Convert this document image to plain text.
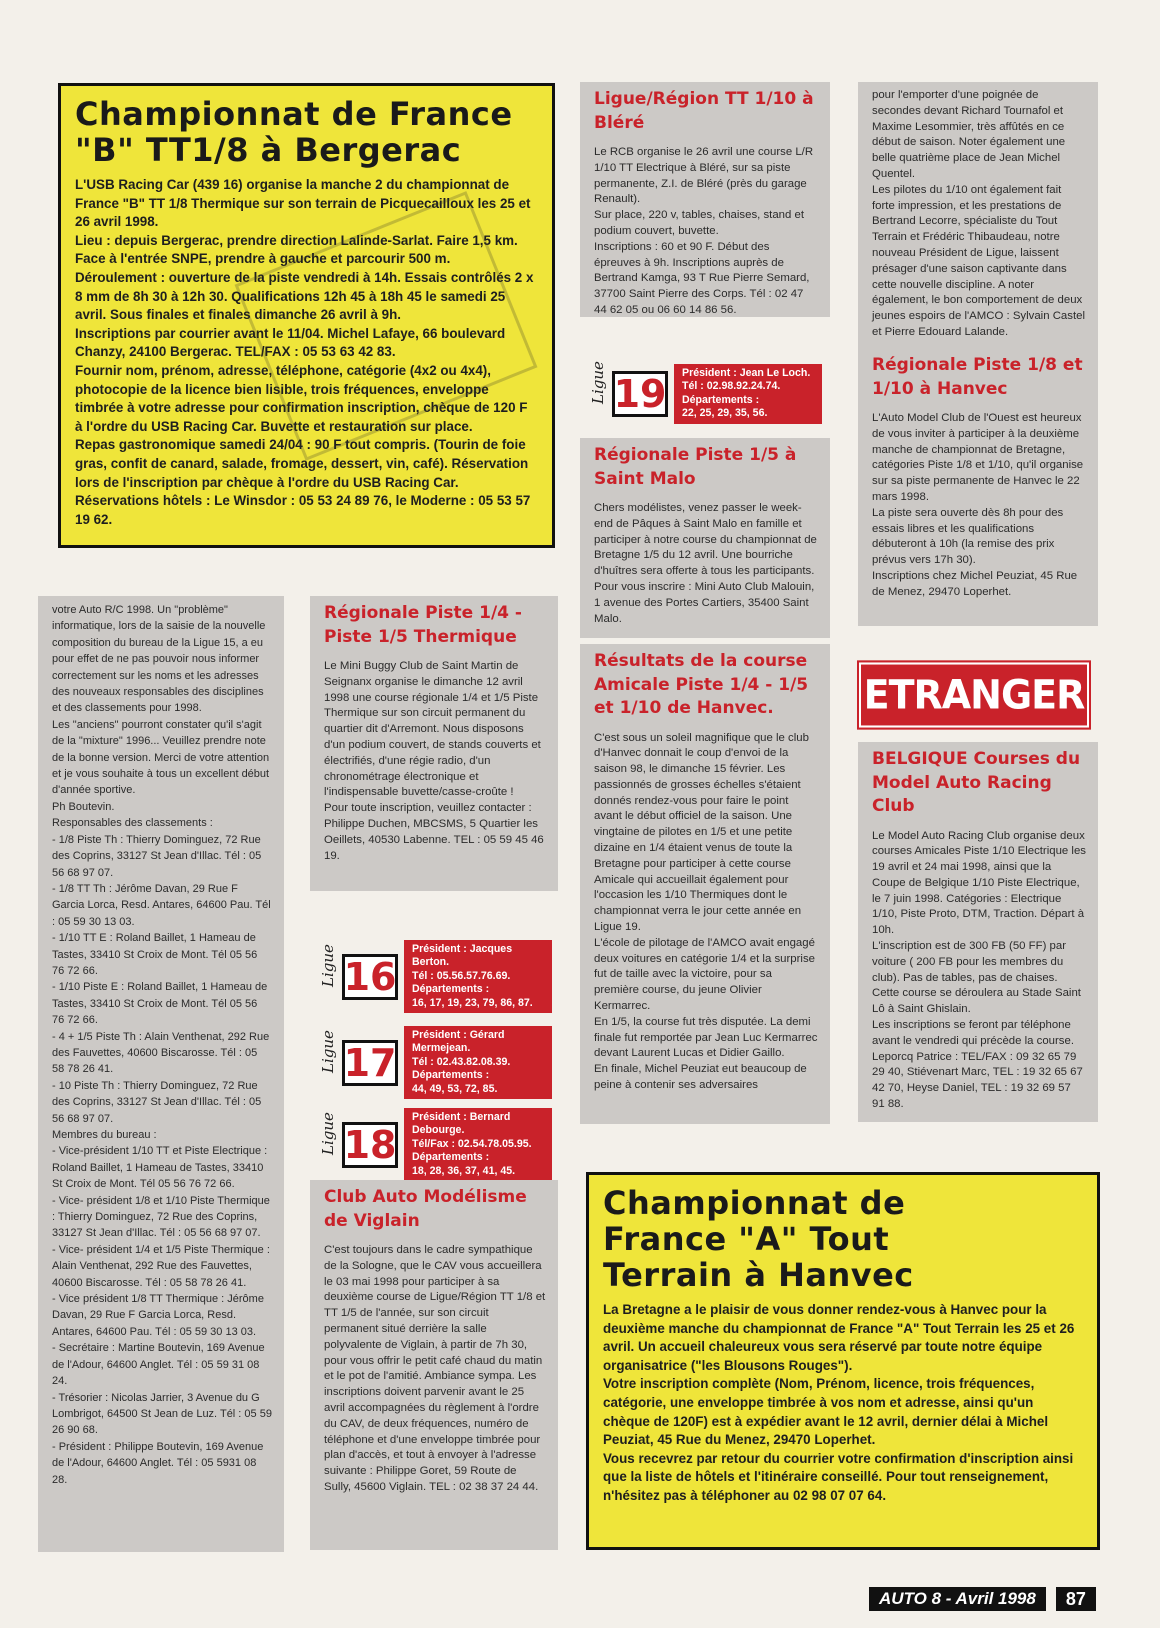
Championnat de France "B" TT1/8 à Bergerac

L'USB Racing Car (439 16) organise la manche 2 du championnat de France "B" TT 1/8 Thermique sur son terrain de Picquecailloux les 25 et 26 avril 1998.
Lieu : depuis Bergerac, prendre direction Lalinde-Sarlat. Faire 1,5 km. Face à l'entrée SNPE, prendre à gauche et parcourir 500 m.
Déroulement : ouverture de la piste vendredi à 14h. Essais contrôlés 2 x 8 mm de 8h 30 à 12h 30. Qualifications 12h 45 à 18h 45 le samedi 25 avril. Sous finales et finales dimanche 26 avril à 9h.
Inscriptions par courrier avant le 11/04. Michel Lafaye, 66 boulevard Chanzy, 24100 Bergerac. TEL/FAX : 05 53 63 42 83.
Fournir nom, prénom, adresse, téléphone, catégorie (4x2 ou 4x4), photocopie de la licence bien lisible, trois fréquences, enveloppe timbrée à votre adresse pour confirmation inscription, chèque de 120 F à l'ordre du USB Racing Car. Buvette et restauration sur place.
Repas gastronomique samedi 24/04 : 90 F tout compris. (Tourin de foie gras, confit de canard, salade, fromage, dessert, vin, café). Réservation lors de l'inscription par chèque à l'ordre du USB Racing Car.
Réservations hôtels : Le Winsdor : 05 53 24 89 76, le Moderne : 05 53 57 19 62.

votre Auto R/C 1998. Un "problème" informatique, lors de la saisie de la nouvelle composition du bureau de la Ligue 15, a eu pour effet de ne pas pouvoir nous informer correctement sur les noms et les adresses des nouveaux responsables des disciplines et des classements pour 1998.
Les "anciens" pourront constater qu'il s'agit de la "mixture" 1996... Veuillez prendre note de la bonne version. Merci de votre attention et je vous souhaite à tous un excellent début d'année sportive.
Ph Boutevin.
Responsables des classements :
- 1/8 Piste Th : Thierry Dominguez, 72 Rue des Coprins, 33127 St Jean d'Illac. Tél : 05 56 68 97 07.
- 1/8 TT Th : Jérôme Davan, 29 Rue F Garcia Lorca, Resd. Antares, 64600 Pau. Tél : 05 59 30 13 03.
- 1/10 TT E : Roland Baillet, 1 Hameau de Tastes, 33410 St Croix de Mont. Tél 05 56 76 72 66.
- 1/10 Piste E : Roland Baillet, 1 Hameau de Tastes, 33410 St Croix de Mont. Tél 05 56 76 72 66.
- 4 + 1/5 Piste Th : Alain Venthenat, 292 Rue des Fauvettes, 40600 Biscarosse. Tél : 05 58 78 26 41.
- 10 Piste Th : Thierry Dominguez, 72 Rue des Coprins, 33127 St Jean d'Illac. Tél : 05 56 68 97 07.
Membres du bureau :
- Vice-président 1/10 TT et Piste Electrique : Roland Baillet, 1 Hameau de Tastes, 33410 St Croix de Mont. Tél 05 56 76 72 66.
- Vice- président 1/8 et 1/10 Piste Thermique : Thierry Dominguez, 72 Rue des Coprins, 33127 St Jean d'Illac. Tél : 05 56 68 97 07.
- Vice- président 1/4 et 1/5 Piste Thermique : Alain Venthenat, 292 Rue des Fauvettes, 40600 Biscarosse. Tél : 05 58 78 26 41.
- Vice président 1/8 TT Thermique : Jérôme Davan, 29 Rue F Garcia Lorca, Resd. Antares, 64600 Pau. Tél : 05 59 30 13 03.
- Secrétaire : Martine Boutevin, 169 Avenue de l'Adour, 64600 Anglet. Tél : 05 59 31 08 24.
- Trésorier : Nicolas Jarrier, 3 Avenue du G Lombrigot, 64500 St Jean de Luz. Tél : 05 59 26 90 68.
- Président : Philippe Boutevin, 169 Avenue de l'Adour, 64600 Anglet. Tél : 05 5931 08 28.

Régionale Piste 1/4 - Piste 1/5 Thermique

Le Mini Buggy Club de Saint Martin de Seignanx organise le dimanche 12 avril 1998 une course régionale 1/4 et 1/5 Piste Thermique sur son circuit permanent du quartier dit d'Arremont. Nous disposons d'un podium couvert, de stands couverts et électrifiés, d'une régie radio, d'un chronométrage électronique et l'indispensable buvette/casse-croûte !
Pour toute inscription, veuillez contacter : Philippe Duchen, MBCSMS, 5 Quartier les Oeillets, 40530 Labenne. TEL : 05 59 45 46 19.

Ligue 16
Président : Jacques Berton.
Tél : 05.56.57.76.69.
Départements :
16, 17, 19, 23, 79, 86, 87.
Ligue 17
Président : Gérard Mermejean.
Tél : 02.43.82.08.39.
Départements :
44, 49, 53, 72, 85.
Ligue 18
Président : Bernard Debourge.
Tél/Fax : 02.54.78.05.95.
Départements :
18, 28, 36, 37, 41, 45.
Club Auto Modélisme de Viglain

C'est toujours dans le cadre sympathique de la Sologne, que le CAV vous accueillera le 03 mai 1998 pour participer à sa deuxième course de Ligue/Région TT 1/8 et TT 1/5 de l'année, sur son circuit permanent situé derrière la salle polyvalente de Viglain, à partir de 7h 30, pour vous offrir le petit café chaud du matin et le pot de l'amitié. Ambiance sympa. Les inscriptions doivent parvenir avant le 25 avril accompagnées du règlement à l'ordre du CAV, de deux fréquences, numéro de téléphone et d'une enveloppe timbrée pour plan d'accès, et tout à envoyer à l'adresse suivante : Philippe Goret, 59 Route de Sully, 45600 Viglain. TEL : 02 38 37 24 44.

Ligue/Région TT 1/10 à Bléré

Le RCB organise le 26 avril une course L/R 1/10 TT Electrique à Bléré, sur sa piste permanente, Z.I. de Bléré (près du garage Renault).
Sur place, 220 v, tables, chaises, stand et podium couvert, buvette.
Inscriptions : 60 et 90 F. Début des épreuves à 9h. Inscriptions auprès de Bertrand Kamga, 93 T Rue Pierre Semard, 37700 Saint Pierre des Corps. Tél : 02 47 44 62 05 ou 06 60 14 86 56.

Ligue 19	Président : Jean Le Loch.
Tél : 02.98.92.24.74.
Départements :
22, 25, 29, 35, 56.
Régionale Piste 1/5 à Saint Malo

Chers modélistes, venez passer le week-end de Pâques à Saint Malo en famille et participer à notre course du championnat de Bretagne 1/5 du 12 avril. Une bourriche d'huîtres sera offerte à tous les participants.
Pour vous inscrire : Mini Auto Club Malouin, 1 avenue des Portes Cartiers, 35400 Saint Malo.

Résultats de la course Amicale Piste 1/4 - 1/5 et 1/10 de Hanvec.

C'est sous un soleil magnifique que le club d'Hanvec donnait le coup d'envoi de la saison 98, le dimanche 15 février. Les passionnés de grosses échelles s'étaient donnés rendez-vous pour faire le point avant le début officiel de la saison. Une vingtaine de pilotes en 1/5 et une petite dizaine en 1/4 étaient venus de toute la Bretagne pour participer à cette course Amicale qui accueillait également pour l'occasion les 1/10 Thermiques dont le championnat verra le jour cette année en Ligue 19.
L'école de pilotage de l'AMCO avait engagé deux voitures en catégorie 1/4 et la surprise fut de taille avec la victoire, pour sa première course, du jeune Olivier Kermarrec.
En 1/5, la course fut très disputée. La demi finale fut remportée par Jean Luc Kermarrec devant Laurent Lucas et Didier Gaillo.
En finale, Michel Peuziat eut beaucoup de peine à contenir ses adversaires

pour l'emporter d'une poignée de secondes devant Richard Tournafol et Maxime Lesommier, très affûtés en ce début de saison. Noter également une belle quatrième place de Jean Michel Quentel.
Les pilotes du 1/10 ont également fait forte impression, et les prestations de Bertrand Lecorre, spécialiste du Tout Terrain et Frédéric Thibaudeau, notre nouveau Président de Ligue, laissent présager d'une saison captivante dans cette nouvelle discipline. A noter également, le bon comportement de deux jeunes espoirs de l'AMCO : Sylvain Castel et Pierre Edouard Lalande.

Régionale Piste 1/8 et 1/10 à Hanvec

L'Auto Model Club de l'Ouest est heureux de vous inviter à participer à la deuxième manche de championnat de Bretagne, catégories Piste 1/8 et 1/10, qu'il organise sur sa piste permanente de Hanvec le 22 mars 1998.
La piste sera ouverte dès 8h pour des essais libres et les qualifications débuteront à 10h (la remise des prix prévus vers 17h 30).
Inscriptions chez Michel Peuziat, 45 Rue de Menez, 29470 Loperhet.

ETRANGER
BELGIQUE Courses du Model Auto Racing Club

Le Model Auto Racing Club organise deux courses Amicales Piste 1/10 Electrique les 19 avril et 24 mai 1998, ainsi que la Coupe de Belgique 1/10 Piste Electrique, le 7 juin 1998. Catégories : Electrique 1/10, Piste Proto, DTM, Traction. Départ à 10h.
L'inscription est de 300 FB (50 FF) par voiture ( 200 FB pour les membres du club). Pas de tables, pas de chaises. Cette course se déroulera au Stade Saint Lô à Saint Ghislain.
Les inscriptions se feront par téléphone avant le vendredi qui précède la course.
Leporcq Patrice : TEL/FAX : 09 32 65 79 29 40, Stiévenart Marc, TEL : 19 32 65 67 42 70, Heyse Daniel, TEL : 19 32 69 57 91 88.

Championnat de France "A" Tout Terrain à Hanvec

La Bretagne a le plaisir de vous donner rendez-vous à Hanvec pour la deuxième manche du championnat de France "A" Tout Terrain les 25 et 26 avril. Un accueil chaleureux vous sera réservé par toute notre équipe organisatrice ("les Blousons Rouges").
Votre inscription complète (Nom, Prénom, licence, trois fréquences, catégorie, une enveloppe timbrée à vos nom et adresse, ainsi qu'un chèque de 120F) est à expédier avant le 12 avril, dernier délai à Michel Peuziat, 45 Rue du Menez, 29470 Loperhet.
Vous recevrez par retour du courrier votre confirmation d'inscription ainsi que la liste de hôtels et l'itinéraire conseillé. Pour tout renseignement, n'hésitez pas à téléphoner au 02 98 07 07 64.

AUTO 8 - Avril 1998	87
